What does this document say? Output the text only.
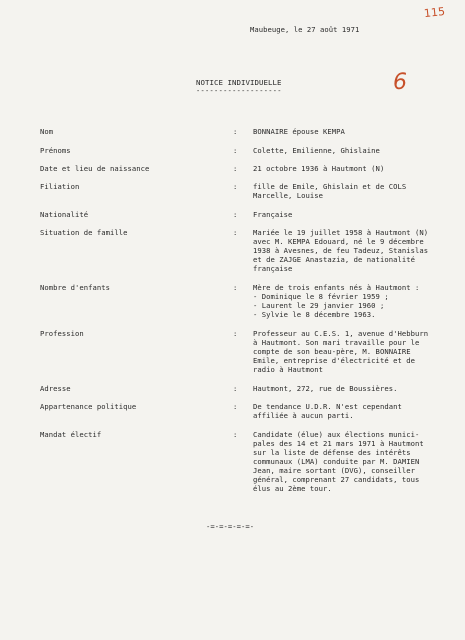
115
Maubeuge, le 27 août 1971
NOTICE INDIVIDUELLE
-------------------	6
Nom	: BONNAIRE épouse KEMPA
Prénoms	: Colette, Emilienne, Ghislaine
Date et lieu de naissance	: 21 octobre 1936 à Hautmont (N)
Filiation	: fille de Emile, Ghislain et de COLS
Marcelle, Louise
Nationalité	: Française
Situation de famille	: Mariée le 19 juillet 1958 à Hautmont (N)
avec M. KEMPA Edouard, né le 9 décembre
1938 à Avesnes, de feu Tadeuz, Stanislas
et de ZAJGE Anastazia, de nationalité
française
Nombre d'enfants	: Mère de trois enfants nés à Hautmont :
- Dominique le 8 février 1959 ;
- Laurent le 29 janvier 1960 ;
- Sylvie le 8 décembre 1963.
Profession	: Professeur au C.E.S. 1, avenue d'Hebburn
à Hautmont. Son mari travaille pour le
compte de son beau-père, M. BONNAIRE
Emile, entreprise d'électricité et de
radio à Hautmont
Adresse	: Hautmont, 272, rue de Boussières.
Appartenance politique	: De tendance U.D.R. N'est cependant
affiliée à aucun parti.
Mandat électif	: Candidate (élue) aux élections munici-
pales des 14 et 21 mars 1971 à Hautmont
sur la liste de défense des intérêts
communaux (LMA) conduite par M. DAMIEN
Jean, maire sortant (DVG), conseiller
général, comprenant 27 candidats, tous
élus au 2ème tour.
-=-=-=-=-=-
